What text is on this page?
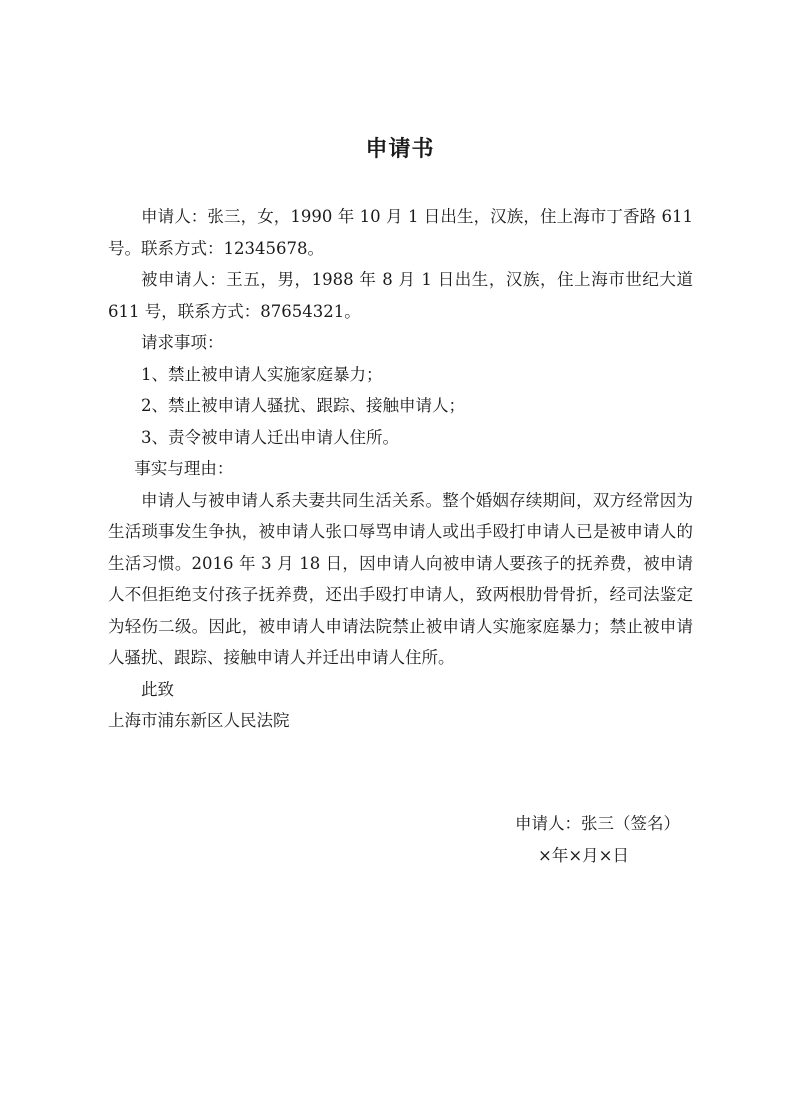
申请书

申请人：张三，女，1990 年 10 月 1 日出生，汉族，住上海市丁香路 611 号。联系方式：12345678。

被申请人：王五，男，1988 年 8 月 1 日出生，汉族，住上海市世纪大道 611 号，联系方式：87654321。

请求事项：

1、禁止被申请人实施家庭暴力；

2、禁止被申请人骚扰、跟踪、接触申请人；

3、责令被申请人迁出申请人住所。

事实与理由：

申请人与被申请人系夫妻共同生活关系。整个婚姻存续期间，双方经常因为生活琐事发生争执，被申请人张口辱骂申请人或出手殴打申请人已是被申请人的生活习惯。2016 年 3 月 18 日，因申请人向被申请人要孩子的抚养费，被申请人不但拒绝支付孩子抚养费，还出手殴打申请人，致两根肋骨骨折，经司法鉴定为轻伤二级。因此，被申请人申请法院禁止被申请人实施家庭暴力；禁止被申请人骚扰、跟踪、接触申请人并迁出申请人住所。

此致

上海市浦东新区人民法院

申请人：张三（签名）
×年×月×日
